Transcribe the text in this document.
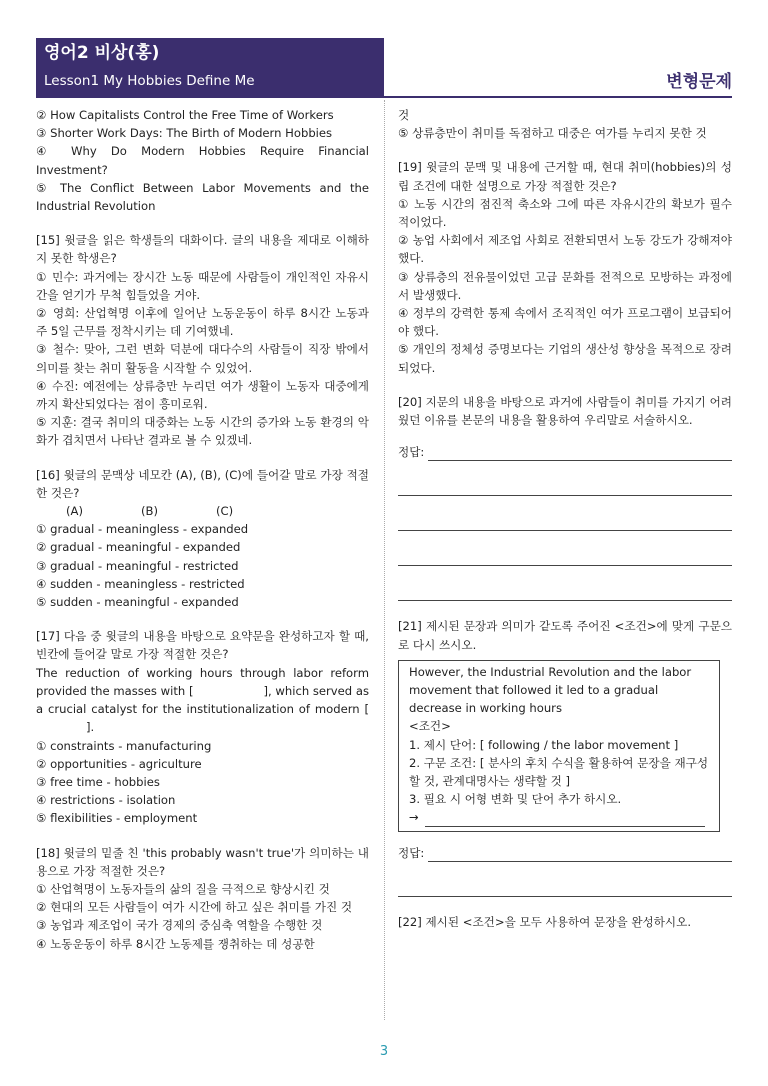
영어2 비상(홍)
Lesson1 My Hobbies Define Me	변형문제

② How Capitalists Control the Free Time of Workers

③ Shorter Work Days: The Birth of Modern Hobbies

④ Why Do Modern Hobbies Require Financial Investment?

⑤ The Conflict Between Labor Movements and the Industrial Revolution

[15] 윗글을 읽은 학생들의 대화이다. 글의 내용을 제대로 이해하지 못한 학생은?

① 민수: 과거에는 장시간 노동 때문에 사람들이 개인적인 자유시간을 얻기가 무척 힘들었을 거야.

② 영희: 산업혁명 이후에 일어난 노동운동이 하루 8시간 노동과 주 5일 근무를 정착시키는 데 기여했네.

③ 철수: 맞아, 그런 변화 덕분에 대다수의 사람들이 직장 밖에서 의미를 찾는 취미 활동을 시작할 수 있었어.

④ 수진: 예전에는 상류층만 누리던 여가 생활이 노동자 대중에게까지 확산되었다는 점이 흥미로워.

⑤ 지훈: 결국 취미의 대중화는 노동 시간의 증가와 노동 환경의 악화가 겹치면서 나타난 결과로 볼 수 있겠네.

[16] 윗글의 문맥상 네모칸 (A), (B), (C)에 들어갈 말로 가장 적절한 것은?

(A)	(B)	(C)

① gradual - meaningless - expanded

② gradual - meaningful - expanded

③ gradual - meaningful - restricted

④ sudden - meaningless - restricted

⑤ sudden - meaningful - expanded

[17] 다음 중 윗글의 내용을 바탕으로 요약문을 완성하고자 할 때, 빈칸에 들어갈 말로 가장 적절한 것은?

The reduction of working hours through labor reform provided the masses with [	], which served as a crucial catalyst for the institutionalization of modern [].

① constraints - manufacturing

② opportunities - agriculture

③ free time - hobbies

④ restrictions - isolation

⑤ flexibilities - employment

[18] 윗글의 밑줄 친 'this probably wasn't true'가 의미하는 내용으로 가장 적절한 것은?

① 산업혁명이 노동자들의 삶의 질을 극적으로 향상시킨 것

② 현대의 모든 사람들이 여가 시간에 하고 싶은 취미를 가진 것

③ 농업과 제조업이 국가 경제의 중심축 역할을 수행한 것

④ 노동운동이 하루 8시간 노동제를 쟁취하는 데 성공한

것

⑤ 상류층만이 취미를 독점하고 대중은 여가를 누리지 못한 것

[19] 윗글의 문맥 및 내용에 근거할 때, 현대 취미(hobbies)의 성립 조건에 대한 설명으로 가장 적절한 것은?

① 노동 시간의 점진적 축소와 그에 따른 자유시간의 확보가 필수적이었다.

② 농업 사회에서 제조업 사회로 전환되면서 노동 강도가 강해져야 했다.

③ 상류층의 전유물이었던 고급 문화를 전적으로 모방하는 과정에서 발생했다.

④ 정부의 강력한 통제 속에서 조직적인 여가 프로그램이 보급되어야 했다.

⑤ 개인의 정체성 증명보다는 기업의 생산성 향상을 목적으로 장려되었다.

[20] 지문의 내용을 바탕으로 과거에 사람들이 취미를 가지기 어려웠던 이유를 본문의 내용을 활용하여 우리말로 서술하시오.

정답:

[21] 제시된 문장과 의미가 같도록 주어진 <조건>에 맞게 구문으로 다시 쓰시오.

However, the Industrial Revolution and the labor movement that followed it led to a gradual decrease in working hours
<조건>
1. 제시 단어: [ following / the labor movement ]
2. 구문 조건: [ 분사의 후치 수식을 활용하여 문장을 재구성할 것, 관계대명사는 생략할 것 ]
3. 필요 시 어형 변화 및 단어 추가 하시오.
→
정답:

[22] 제시된 <조건>을 모두 사용하여 문장을 완성하시오.

3
